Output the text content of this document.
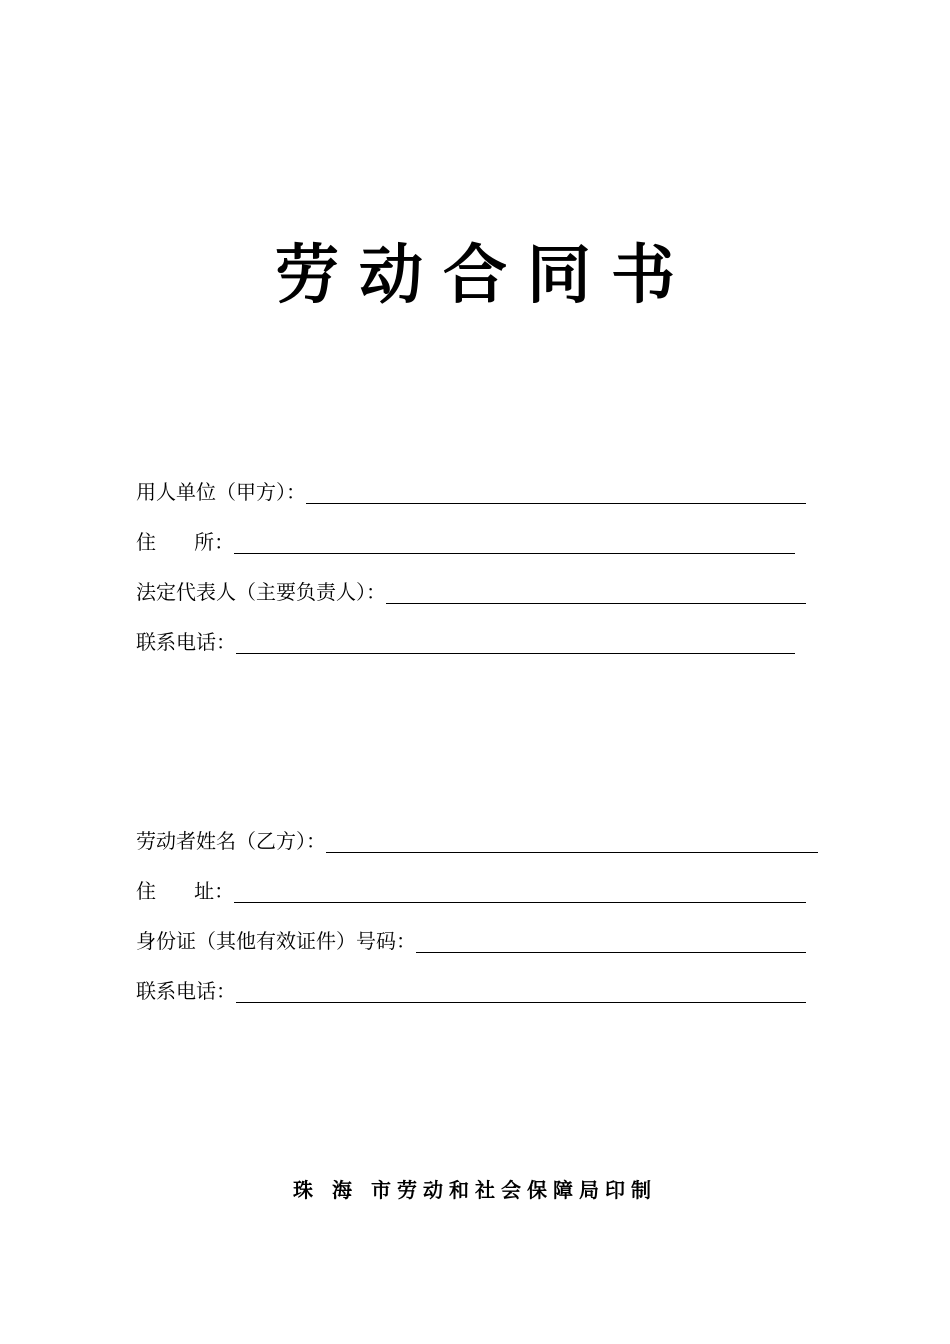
劳动合同书
用人单位（甲方）：
住      所：
法定代表人（主要负责人）：
联系电话：
劳动者姓名（乙方）：
住      址：
身份证（其他有效证件）号码：
联系电话：
珠 海 市劳动和社会保障局印制
